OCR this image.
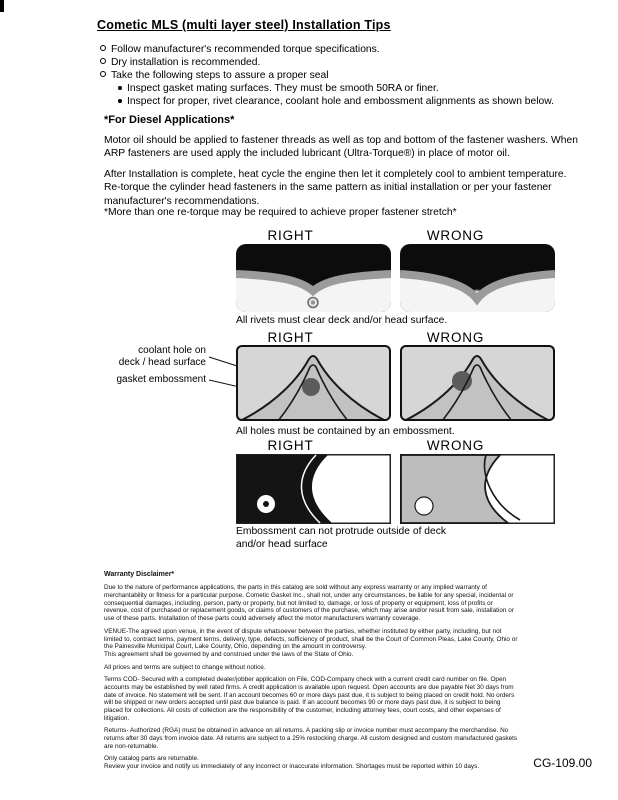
Cometic MLS (multi layer steel) Installation Tips
Follow manufacturer's recommended torque specifications.
Dry installation is recommended.
Take the following steps to assure a proper seal
Inspect gasket mating surfaces. They must be smooth 50RA or finer.
Inspect for proper, rivet clearance, coolant hole and embossment alignments as shown below.
*For Diesel Applications*

Motor oil should be applied to fastener threads as well as top and bottom of the fastener washers. When ARP fasteners are used apply the included lubricant (Ultra-Torque®) in place of motor oil.

After Installation is complete, heat cycle the engine then let it completely cool to ambient temperature. Re-torque the cylinder head fasteners in the same pattern as initial installation or per your fastener manufacturer's recommendations.

*More than one re-torque may be required to achieve proper fastener stretch*

RIGHT	WRONG
All rivets must clear deck and/or head surface.
RIGHT	WRONG
coolant hole on
deck / head surface
gasket embossment
All holes must be contained by an embossment.
RIGHT	WRONG
Embossment can not protrude outside of deck and/or head surface
Warranty Disclaimer*

Due to the nature of performance applications, the parts in this catalog are sold without any express warranty or any implied warranty of merchantability or fitness for a particular purpose. Cometic Gasket Inc., shall not, under any circumstances, be liable for any special, incidental or consequential damages, including, person, party or property, but not limited to, damage, or loss of property or equipment, loss of profits or revenue, cost of purchased or replacement goods, or claims of customers of the purchase, which may arise and/or result from sale, installation or use of these parts. Installation of these parts could adversely affect the motor manufacturers warranty coverage.

VENUE-The agreed upon venue, in the event of dispute whatsoever between the parties, whether instituted by either party, including, but not limited to, contract terms, payment terms, delivery, type, defects, sufficiency of product, shall be the Court of Common Pleas, Lake County, Ohio or the Painesville Municipal Court, Lake County, Ohio, depending on the amount in controversy.

This agreement shall be governed by and construed under the laws of the State of Ohio.

All prices and terms are subject to change without notice.

Terms COD- Secured with a completed dealer/jobber application on File, COD-Company check with a current credit card number on file. Open accounts may be established by well rated firms. A credit application is available upon request. Open accounts are due payable Net 30 days from date of invoice. No statement will be sent. If an account becomes 60 or more days past due, it is subject to being placed on credit hold. No orders will be shipped or new orders accepted until past due balance is paid. If an account becomes 90 or more days past due, it is subject to being placed for collections. All costs of collection are the responsibility of the customer, including attorney fees, court costs, and other expenses of litigation.

Returns- Authorized (RGA) must be obtained in advance on all returns. A packing slip or invoice number must accompany the merchandise. No returns after 30 days from invoice date. All returns are subject to a 25% restocking charge. All custom designed and custom manufactured gaskets are non-returnable.

Only catalog parts are returnable.

Review your invoice and notify us immediately of any incorrect or inaccurate information. Shortages must be reported within 10 days.	CG-109.00
